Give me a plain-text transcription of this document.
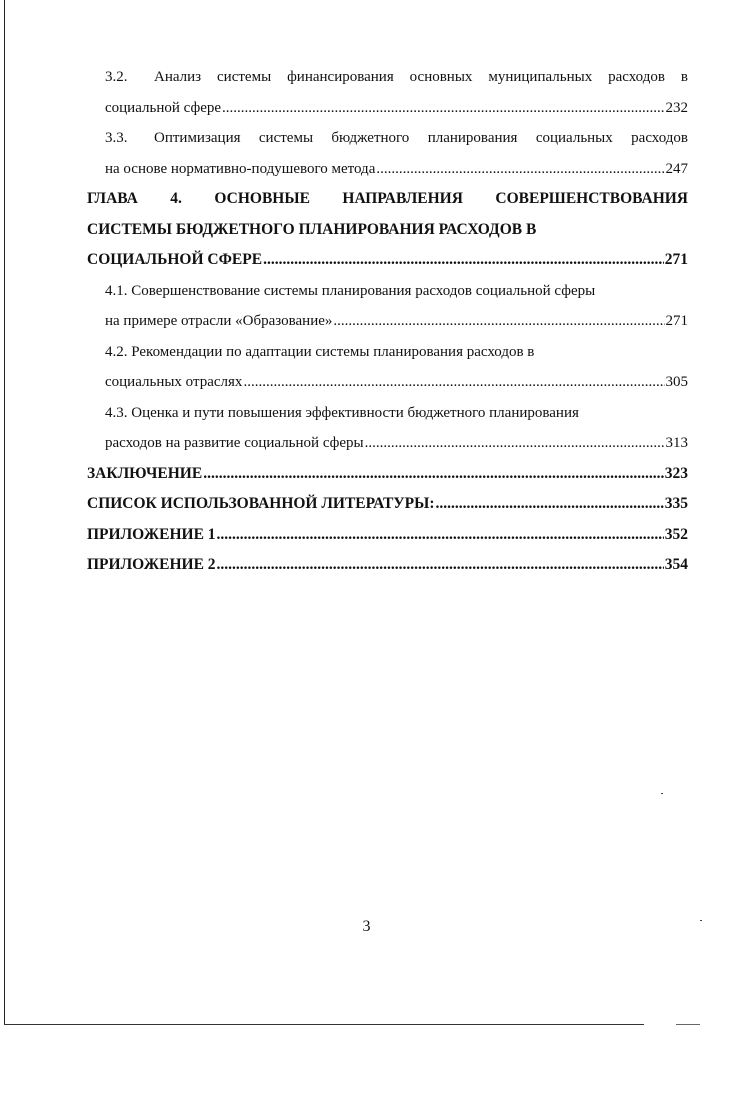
3.2.	Анализ системы финансирования основных муниципальных расходов в
социальной сфере .....	232
3.3.	Оптимизация системы бюджетного планирования социальных расходов
на основе нормативно-подушевого метода .....	247
ГЛАВА 4. ОСНОВНЫЕ НАПРАВЛЕНИЯ СОВЕРШЕНСТВОВАНИЯ
СИСТЕМЫ БЮДЖЕТНОГО ПЛАНИРОВАНИЯ РАСХОДОВ В
СОЦИАЛЬНОЙ СФЕРЕ .....	271
4.1. Совершенствование системы планирования расходов социальной сферы
на примере отрасли «Образование» .....	271
4.2. Рекомендации по адаптации системы планирования расходов в
социальных отраслях .....	305
4.3. Оценка и пути повышения эффективности бюджетного планирования
расходов на развитие социальной сферы .....	313
ЗАКЛЮЧЕНИЕ .....	323
СПИСОК ИСПОЛЬЗОВАННОЙ ЛИТЕРАТУРЫ: .....	335
ПРИЛОЖЕНИЕ 1 .....	352
ПРИЛОЖЕНИЕ 2 .....	354
3
